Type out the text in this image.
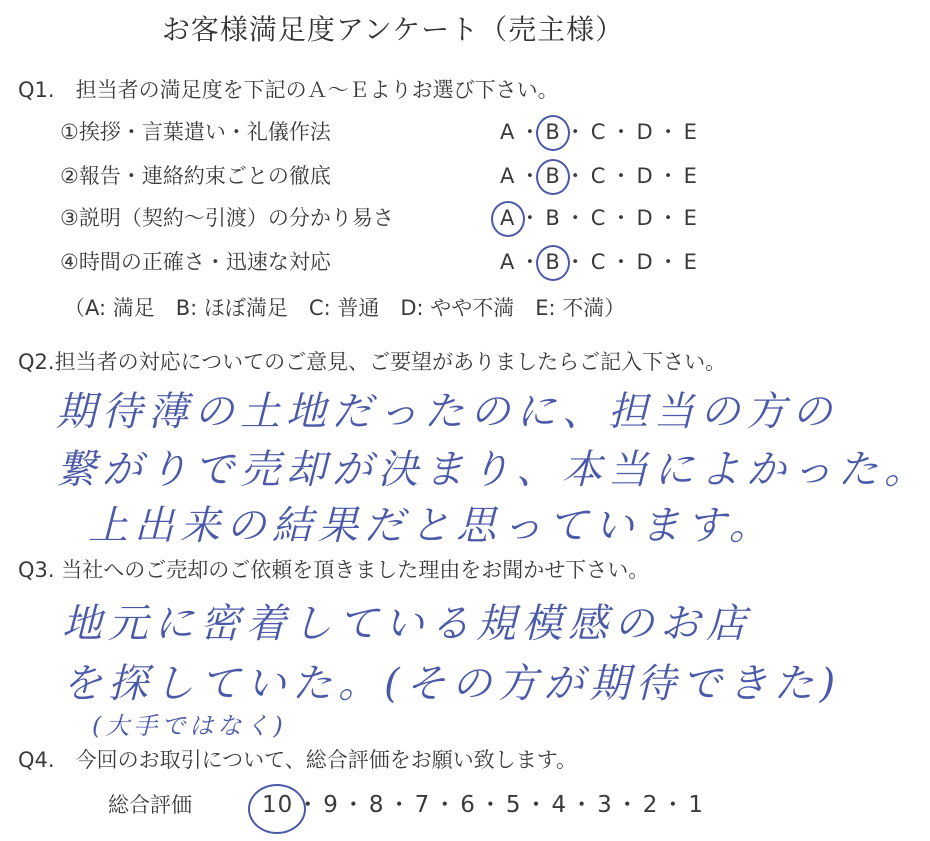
お客様満足度アンケート（売主様）
Q1.　担当者の満足度を下記のＡ～Ｅよりお選び下さい。
①挨拶・言葉遣い・礼儀作法	A ・ B ・ C ・ D ・ E
②報告・連絡約束ごとの徹底	A ・ B ・ C ・ D ・ E
③説明（契約～引渡）の分かり易さ	A ・ B ・ C ・ D ・ E
④時間の正確さ・迅速な対応	A ・ B ・ C ・ D ・ E
（A: 満足　B: ほぼ満足　C: 普通　D: やや不満　E: 不満）
Q2.担当者の対応についてのご意見、ご要望がありましたらご記入下さい。
期待薄の土地だったのに、担当の方の
繋がりで売却が決まり、本当によかった。
上出来の結果だと思っています。
Q3. 当社へのご売却のご依頼を頂きました理由をお聞かせ下さい。
地元に密着している規模感のお店
を探していた。(その方が期待できた)
(大手ではなく)
Q4.　今回のお取引について、総合評価をお願い致します。
総合評価	10 ・ 9 ・ 8 ・ 7 ・ 6 ・ 5 ・ 4 ・ 3 ・ 2 ・ 1
